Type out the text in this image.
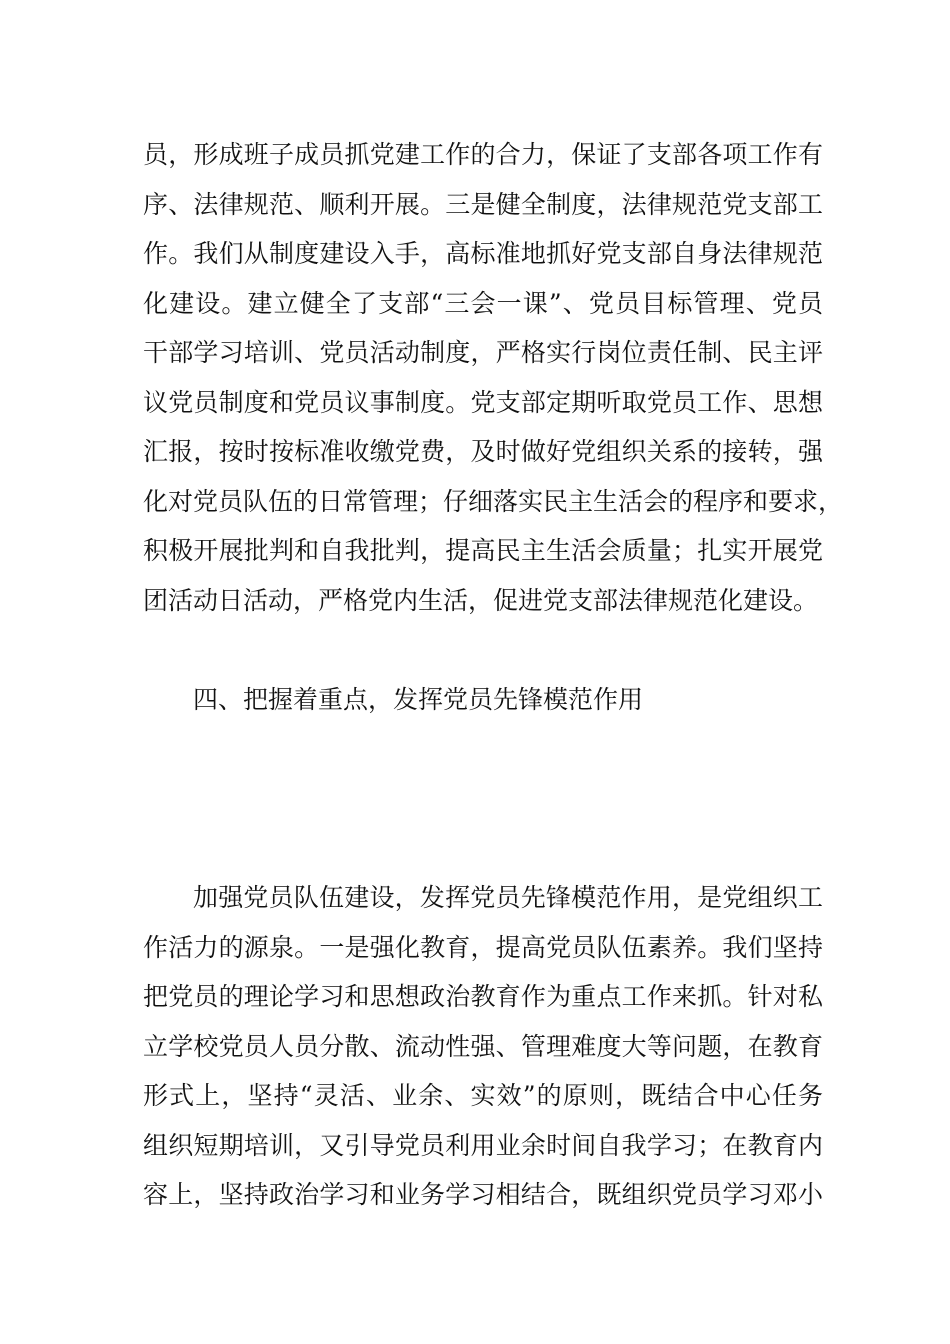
员，形成班子成员抓党建工作的合力，保证了支部各项工作有
序、法律规范、顺利开展。三是健全制度，法律规范党支部工
作。我们从制度建设入手，高标准地抓好党支部自身法律规范
化建设。建立健全了支部“三会一课”、党员目标管理、党员
干部学习培训、党员活动制度，严格实行岗位责任制、民主评
议党员制度和党员议事制度。党支部定期听取党员工作、思想
汇报，按时按标准收缴党费，及时做好党组织关系的接转，强
化对党员队伍的日常管理；仔细落实民主生活会的程序和要求，
积极开展批判和自我批判，提高民主生活会质量；扎实开展党
团活动日活动，严格党内生活，促进党支部法律规范化建设。
四、把握着重点，发挥党员先锋模范作用
加强党员队伍建设，发挥党员先锋模范作用，是党组织工
作活力的源泉。一是强化教育，提高党员队伍素养。我们坚持
把党员的理论学习和思想政治教育作为重点工作来抓。针对私
立学校党员人员分散、流动性强、管理难度大等问题，在教育
形式上，坚持“灵活、业余、实效”的原则，既结合中心任务
组织短期培训，又引导党员利用业余时间自我学习；在教育内
容上，坚持政治学习和业务学习相结合，既组织党员学习邓小
